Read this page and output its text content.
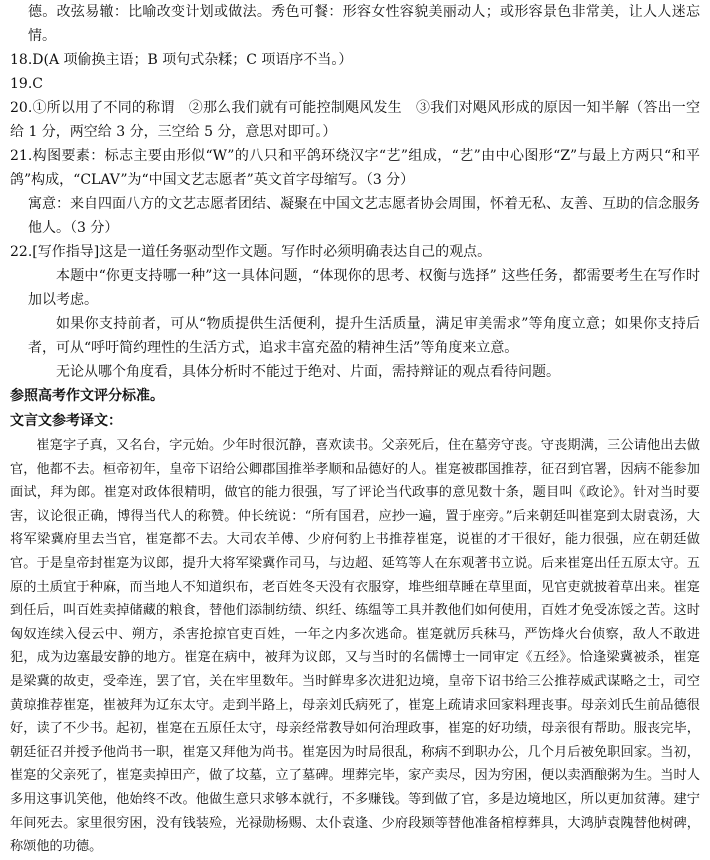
德。改弦易辙：比喻改变计划或做法。秀色可餐：形容女性容貌美丽动人；或形容景色非常美，让人人迷忘情。

18.D(A 项偷换主语；B 项句式杂糅；C 项语序不当。）

19.C

20.①所以用了不同的称谓　②那么我们就有可能控制飓风发生　③我们对飓风形成的原因一知半解（答出一空给 1 分，两空给 3 分，三空给 5 分，意思对即可。）

21.构图要素：标志主要由形似“W”的八只和平鸽环绕汉字“艺”组成，“艺”由中心图形“Z”与最上方两只“和平鸽”构成，“CLAV”为“中国文艺志愿者”英文首字母缩写。（3 分）

寓意：来自四面八方的文艺志愿者团结、凝聚在中国文艺志愿者协会周围，怀着无私、友善、互助的信念服务他人。（3 分）

22.[写作指导]这是一道任务驱动型作文题。写作时必须明确表达自己的观点。

本题中“你更支持哪一种”这一具体问题，“体现你的思考、权衡与选择” 这些任务，都需要考生在写作时加以考虑。

如果你支持前者，可从“物质提供生活便利，提升生活质量，满足审美需求”等角度立意；如果你支持后者，可从“呼吁简约理性的生活方式，追求丰富充盈的精神生活”等角度来立意。

无论从哪个角度看，具体分析时不能过于绝对、片面，需持辩证的观点看待问题。

参照高考作文评分标准。

文言文参考译文：

崔寔字子真，又名台，字元始。少年时很沉静，喜欢读书。父亲死后，住在墓旁守丧。守丧期满，三公请他出去做官，他都不去。桓帝初年，皇帝下诏给公卿郡国推举孝顺和品德好的人。崔寔被郡国推荐，征召到官署，因病不能参加面试，拜为郎。崔寔对政体很精明，做官的能力很强，写了评论当代政事的意见数十条，题目叫《政论》。针对当时要害，议论很正确，博得当代人的称赞。仲长统说：“所有国君，应抄一遍，置于座旁。”后来朝廷叫崔寔到太尉袁汤，大将军梁冀府里去当官，崔寔都不去。大司农羊傅、少府何豹上书推荐崔寔，说崔的才干很好，能力很强，应在朝廷做官。于是皇帝封崔寔为议郎，提升大将军梁冀作司马，与边超、延笃等人在东观著书立说。后来崔寔出任五原太守。五原的土质宜于种麻，而当地人不知道织布，老百姓冬天没有衣服穿，堆些细草睡在草里面，见官吏就披着草出来。崔寔到任后，叫百姓卖掉储藏的粮食，替他们添制纺绩、织纴、练缊等工具并教他们如何使用，百姓才免受冻馁之苦。这时匈奴连续入侵云中、朔方，杀害抢掠官吏百姓，一年之内多次逃命。崔寔就厉兵秣马，严饬烽火台侦察，敌人不敢进犯，成为边塞最安静的地方。崔寔在病中，被拜为议郎，又与当时的名儒博士一同审定《五经》。恰逢梁冀被杀，崔寔是梁冀的故吏，受牵连，罢了官，关在牢里数年。当时鲜卑多次进犯边境，皇帝下诏书给三公推荐威武谋略之士，司空黄琼推荐崔寔，崔被拜为辽东太守。走到半路上，母亲刘氏病死了，崔寔上疏请求回家料理丧事。母亲刘氏生前品德很好，读了不少书。起初，崔寔在五原任太守，母亲经常教导如何治理政事，崔寔的好功绩，母亲很有帮助。服丧完毕，朝廷征召并授予他尚书一职，崔寔又拜他为尚书。崔寔因为时局很乱，称病不到职办公，几个月后被免职回家。当初，崔寔的父亲死了，崔寔卖掉田产，做了坟墓，立了墓碑。埋葬完毕，家产卖尽，因为穷困，便以卖酒酿粥为生。当时人多用这事讥笑他，他始终不改。他做生意只求够本就行，不多赚钱。等到做了官，多是边境地区，所以更加贫薄。建宁年间死去。家里很穷困，没有钱装殓，光禄勋杨赐、太仆袁逢、少府段颎等替他准备棺椁葬具，大鸿胪袁隗替他树碑，称颂他的功德。
